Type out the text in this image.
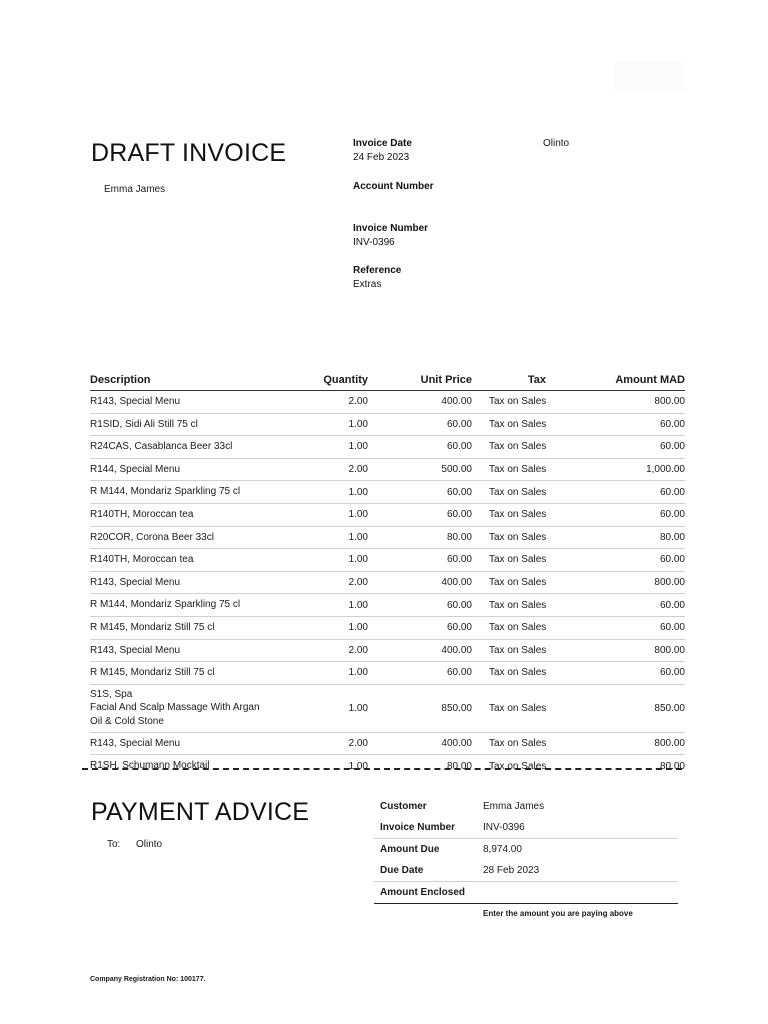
DRAFT INVOICE
Emma James
Olinto
Invoice Date
24 Feb 2023
Account Number
Invoice Number
INV-0396
Reference
Extras
Description	Quantity	Unit Price	Tax	Amount MAD
R143, Special Menu	2.00	400.00 Tax on Sales	800.00
R1SID, Sidi Ali Still 75 cl	1.00	60.00 Tax on Sales	60.00
R24CAS, Casablanca Beer 33cl	1.00	60.00 Tax on Sales	60.00
R144, Special Menu	2.00	500.00 Tax on Sales	1,000.00
R M144, Mondariz Sparkling 75 cl	1.00	60.00 Tax on Sales	60.00
R140TH, Moroccan tea	1.00	60.00 Tax on Sales	60.00
R20COR, Corona Beer 33cl	1.00	80.00 Tax on Sales	80.00
R140TH, Moroccan tea	1.00	60.00 Tax on Sales	60.00
R143, Special Menu	2.00	400.00 Tax on Sales	800.00
R M144, Mondariz Sparkling 75 cl	1.00	60.00 Tax on Sales	60.00
R M145, Mondariz Still 75 cl	1.00	60.00 Tax on Sales	60.00
R143, Special Menu	2.00	400.00 Tax on Sales	800.00
R M145, Mondariz Still 75 cl	1.00	60.00 Tax on Sales	60.00
S1S, Spa
Facial And Scalp Massage With Argan
Oil & Cold Stone
1.00	850.00 Tax on Sales	850.00
R143, Special Menu	2.00	400.00 Tax on Sales	800.00
R1SH, Schumann Mocktail	1.00	80.00 Tax on Sales	80.00
PAYMENT ADVICE
To: Olinto
Customer	Emma James
Invoice Number	INV-0396
Amount Due	8,974.00
Due Date	28 Feb 2023
Amount Enclosed
Enter the amount you are paying above
Company Registration No: 100177.
